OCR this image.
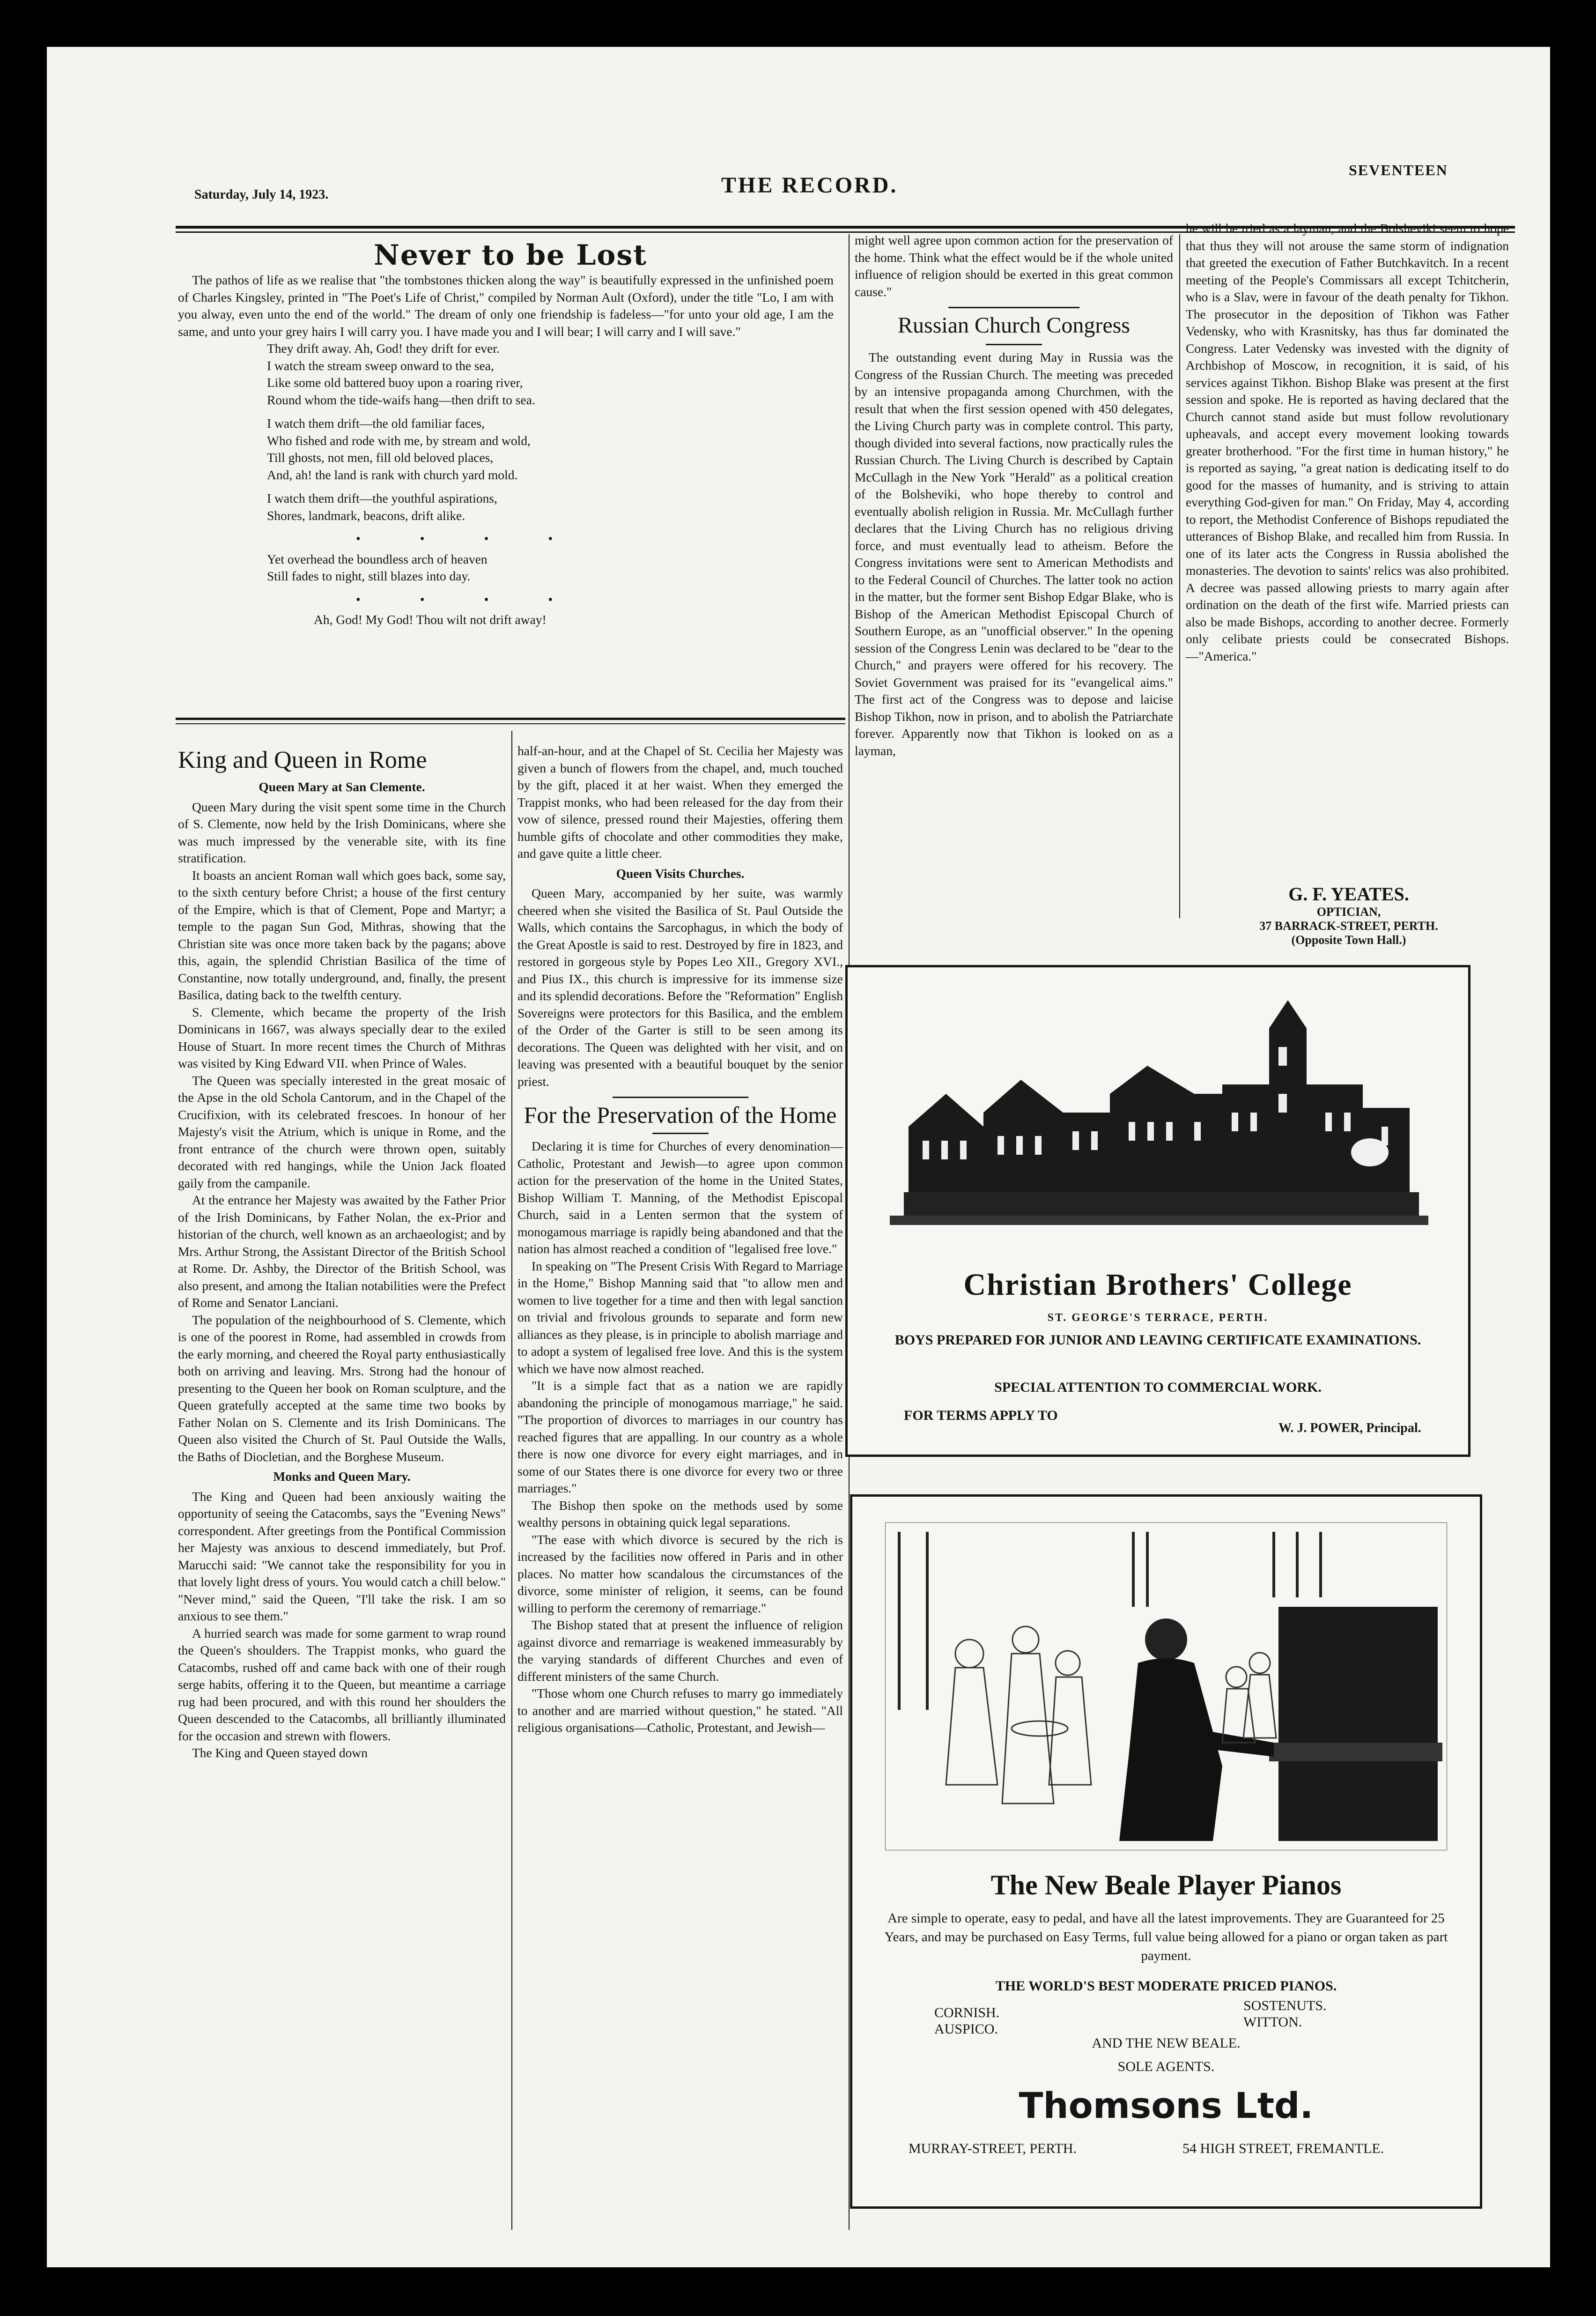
Saturday, July 14, 1923.	THE RECORD.
SEVENTEEN
Never to be Lost

The pathos of life as we realise that "the tombstones thicken along the way" is beautifully expressed in the unfinished poem of Charles Kingsley, printed in "The Poet's Life of Christ," compiled by Norman Ault (Oxford), under the title "Lo, I am with you alway, even unto the end of the world." The dream of only one friendship is fadeless—"for unto your old age, I am the same, and unto your grey hairs I will carry you. I have made you and I will bear; I will carry and I will save."

They drift away. Ah, God! they drift for ever.
I watch the stream sweep onward to the sea,
Like some old battered buoy upon a roaring river,
Round whom the tide-waifs hang—then drift to sea.
I watch them drift—the old familiar faces,
Who fished and rode with me, by stream and wold,
Till ghosts, not men, fill old beloved places,
And, ah! the land is rank with church yard mold.
I watch them drift—the youthful aspirations,
Shores, landmark, beacons, drift alike.
• • • •
Yet overhead the boundless arch of heaven
Still fades to night, still blazes into day.
• • • •
Ah, God! My God! Thou wilt not drift away!
King and Queen in Rome
Queen Mary at San Clemente.

Queen Mary during the visit spent some time in the Church of S. Clemente, now held by the Irish Dominicans, where she was much impressed by the venerable site, with its fine stratification.

It boasts an ancient Roman wall which goes back, some say, to the sixth century before Christ; a house of the first century of the Empire, which is that of Clement, Pope and Martyr; a temple to the pagan Sun God, Mithras, showing that the Christian site was once more taken back by the pagans; above this, again, the splendid Christian Basilica of the time of Constantine, now totally underground, and, finally, the present Basilica, dating back to the twelfth century.

S. Clemente, which became the property of the Irish Dominicans in 1667, was always specially dear to the exiled House of Stuart. In more recent times the Church of Mithras was visited by King Edward VII. when Prince of Wales.

The Queen was specially interested in the great mosaic of the Apse in the old Schola Cantorum, and in the Chapel of the Crucifixion, with its celebrated frescoes. In honour of her Majesty's visit the Atrium, which is unique in Rome, and the front entrance of the church were thrown open, suitably decorated with red hangings, while the Union Jack floated gaily from the campanile.

At the entrance her Majesty was awaited by the Father Prior of the Irish Dominicans, by Father Nolan, the ex-Prior and historian of the church, well known as an archaeologist; and by Mrs. Arthur Strong, the Assistant Director of the British School at Rome. Dr. Ashby, the Director of the British School, was also present, and among the Italian notabilities were the Prefect of Rome and Senator Lanciani.

The population of the neighbourhood of S. Clemente, which is one of the poorest in Rome, had assembled in crowds from the early morning, and cheered the Royal party enthusiastically both on arriving and leaving. Mrs. Strong had the honour of presenting to the Queen her book on Roman sculpture, and the Queen gratefully accepted at the same time two books by Father Nolan on S. Clemente and its Irish Dominicans. The Queen also visited the Church of St. Paul Outside the Walls, the Baths of Diocletian, and the Borghese Museum.

Monks and Queen Mary.

The King and Queen had been anxiously waiting the opportunity of seeing the Catacombs, says the "Evening News" correspondent. After greetings from the Pontifical Commission her Majesty was anxious to descend immediately, but Prof. Marucchi said: "We cannot take the responsibility for you in that lovely light dress of yours. You would catch a chill below." "Never mind," said the Queen, "I'll take the risk. I am so anxious to see them."

A hurried search was made for some garment to wrap round the Queen's shoulders. The Trappist monks, who guard the Catacombs, rushed off and came back with one of their rough serge habits, offering it to the Queen, but meantime a carriage rug had been procured, and with this round her shoulders the Queen descended to the Catacombs, all brilliantly illuminated for the occasion and strewn with flowers.

The King and Queen stayed down

half-an-hour, and at the Chapel of St. Cecilia her Majesty was given a bunch of flowers from the chapel, and, much touched by the gift, placed it at her waist. When they emerged the Trappist monks, who had been released for the day from their vow of silence, pressed round their Majesties, offering them humble gifts of chocolate and other commodities they make, and gave quite a little cheer.

Queen Visits Churches.

Queen Mary, accompanied by her suite, was warmly cheered when she visited the Basilica of St. Paul Outside the Walls, which contains the Sarcophagus, in which the body of the Great Apostle is said to rest. Destroyed by fire in 1823, and restored in gorgeous style by Popes Leo XII., Gregory XVI., and Pius IX., this church is impressive for its immense size and its splendid decorations. Before the "Reformation" English Sovereigns were protectors for this Basilica, and the emblem of the Order of the Garter is still to be seen among its decorations. The Queen was delighted with her visit, and on leaving was presented with a beautiful bouquet by the senior priest.

For the Preservation of the Home

Declaring it is time for Churches of every denomination—Catholic, Protestant and Jewish—to agree upon common action for the preservation of the home in the United States, Bishop William T. Manning, of the Methodist Episcopal Church, said in a Lenten sermon that the system of monogamous marriage is rapidly being abandoned and that the nation has almost reached a condition of "legalised free love."

In speaking on "The Present Crisis With Regard to Marriage in the Home," Bishop Manning said that "to allow men and women to live together for a time and then with legal sanction on trivial and frivolous grounds to separate and form new alliances as they please, is in principle to abolish marriage and to adopt a system of legalised free love. And this is the system which we have now almost reached.

"It is a simple fact that as a nation we are rapidly abandoning the principle of monogamous marriage," he said. "The proportion of divorces to marriages in our country has reached figures that are appalling. In our country as a whole there is now one divorce for every eight marriages, and in some of our States there is one divorce for every two or three marriages."

The Bishop then spoke on the methods used by some wealthy persons in obtaining quick legal separations.

"The ease with which divorce is secured by the rich is increased by the facilities now offered in Paris and in other places. No matter how scandalous the circumstances of the divorce, some minister of religion, it seems, can be found willing to perform the ceremony of remarriage."

The Bishop stated that at present the influence of religion against divorce and remarriage is weakened immeasurably by the varying standards of different Churches and even of different ministers of the same Church.

"Those whom one Church refuses to marry go immediately to another and are married without question," he stated. "All religious organisations—Catholic, Protestant, and Jewish—

might well agree upon common action for the preservation of the home. Think what the effect would be if the whole united influence of religion should be exerted in this great common cause."

Russian Church Congress

The outstanding event during May in Russia was the Congress of the Russian Church. The meeting was preceded by an intensive propaganda among Churchmen, with the result that when the first session opened with 450 delegates, the Living Church party was in complete control. This party, though divided into several factions, now practically rules the Russian Church. The Living Church is described by Captain McCullagh in the New York "Herald" as a political creation of the Bolsheviki, who hope thereby to control and eventually abolish religion in Russia. Mr. McCullagh further declares that the Living Church has no religious driving force, and must eventually lead to atheism. Before the Congress invitations were sent to American Methodists and to the Federal Council of Churches. The latter took no action in the matter, but the former sent Bishop Edgar Blake, who is Bishop of the American Methodist Episcopal Church of Southern Europe, as an "unofficial observer." In the opening session of the Congress Lenin was declared to be "dear to the Church," and prayers were offered for his recovery. The Soviet Government was praised for its "evangelical aims." The first act of the Congress was to depose and laicise Bishop Tikhon, now in prison, and to abolish the Patriarchate forever. Apparently now that Tikhon is looked on as a layman,

he will be tried as a layman, and the Bolsheviki seem to hope that thus they will not arouse the same storm of indignation that greeted the execution of Father Butchkavitch. In a recent meeting of the People's Commissars all except Tchitcherin, who is a Slav, were in favour of the death penalty for Tikhon. The prosecutor in the deposition of Tikhon was Father Vedensky, who with Krasnitsky, has thus far dominated the Congress. Later Vedensky was invested with the dignity of Archbishop of Moscow, in recognition, it is said, of his services against Tikhon. Bishop Blake was present at the first session and spoke. He is reported as having declared that the Church cannot stand aside but must follow revolutionary upheavals, and accept every movement looking towards greater brotherhood. "For the first time in human history," he is reported as saying, "a great nation is dedicating itself to do good for the masses of humanity, and is striving to attain everything God-given for man." On Friday, May 4, according to report, the Methodist Conference of Bishops repudiated the utterances of Bishop Blake, and recalled him from Russia. In one of its later acts the Congress in Russia abolished the monasteries. The devotion to saints' relics was also prohibited. A decree was passed allowing priests to marry again after ordination on the death of the first wife. Married priests can also be made Bishops, according to another decree. Formerly only celibate priests could be consecrated Bishops.—"America."

G. F. YEATES.
OPTICIAN,
37 BARRACK-STREET, PERTH.
(Opposite Town Hall.)
Christian Brothers' College
ST. GEORGE'S TERRACE, PERTH.
BOYS PREPARED FOR JUNIOR AND LEAVING CERTIFICATE EXAMINATIONS.
SPECIAL ATTENTION TO COMMERCIAL WORK.
FOR TERMS APPLY TO
W. J. POWER, Principal.
The New Beale Player Pianos
Are simple to operate, easy to pedal, and have all the latest improvements. They are Guaranteed for 25 Years, and may be purchased on Easy Terms, full value being allowed for a piano or organ taken as part payment.
THE WORLD'S BEST MODERATE PRICED PIANOS.
CORNISH.
AUSPICO.
SOSTENUTS.
WITTON.
AND THE NEW BEALE.
SOLE AGENTS.
Thomsons Ltd.
MURRAY-STREET, PERTH.	54 HIGH STREET, FREMANTLE.
